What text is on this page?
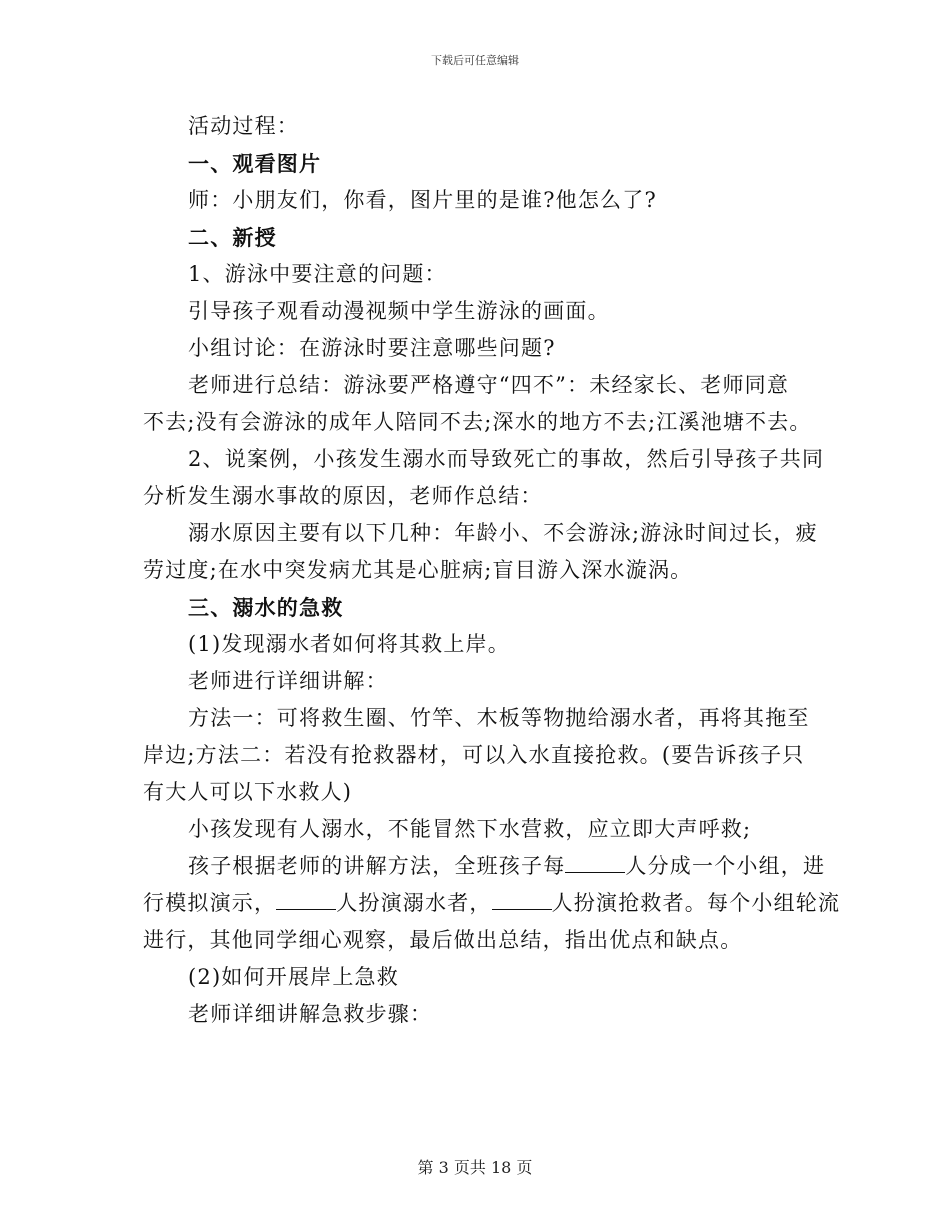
下载后可任意编辑
活动过程：
一、观看图片
师：小朋友们，你看，图片里的是谁?他怎么了?
二、新授
1、游泳中要注意的问题：
引导孩子观看动漫视频中学生游泳的画面。
小组讨论：在游泳时要注意哪些问题?
老师进行总结：游泳要严格遵守“四不”：未经家长、老师同意
不去;没有会游泳的成年人陪同不去;深水的地方不去;江溪池塘不去。
2、说案例，小孩发生溺水而导致死亡的事故，然后引导孩子共同
分析发生溺水事故的原因，老师作总结：
溺水原因主要有以下几种：年龄小、不会游泳;游泳时间过长，疲
劳过度;在水中突发病尤其是心脏病;盲目游入深水漩涡。
三、溺水的急救
(1)发现溺水者如何将其救上岸。
老师进行详细讲解：
方法一：可将救生圈、竹竿、木板等物抛给溺水者，再将其拖至
岸边;方法二：若没有抢救器材，可以入水直接抢救。(要告诉孩子只
有大人可以下水救人)
小孩发现有人溺水，不能冒然下水营救，应立即大声呼救;
孩子根据老师的讲解方法，全班孩子每	人分成一个小组，进
行模拟演示，	人扮演溺水者，	人扮演抢救者。每个小组轮流
进行，其他同学细心观察，最后做出总结，指出优点和缺点。
(2)如何开展岸上急救
老师详细讲解急救步骤：
第 3 页共 18 页
